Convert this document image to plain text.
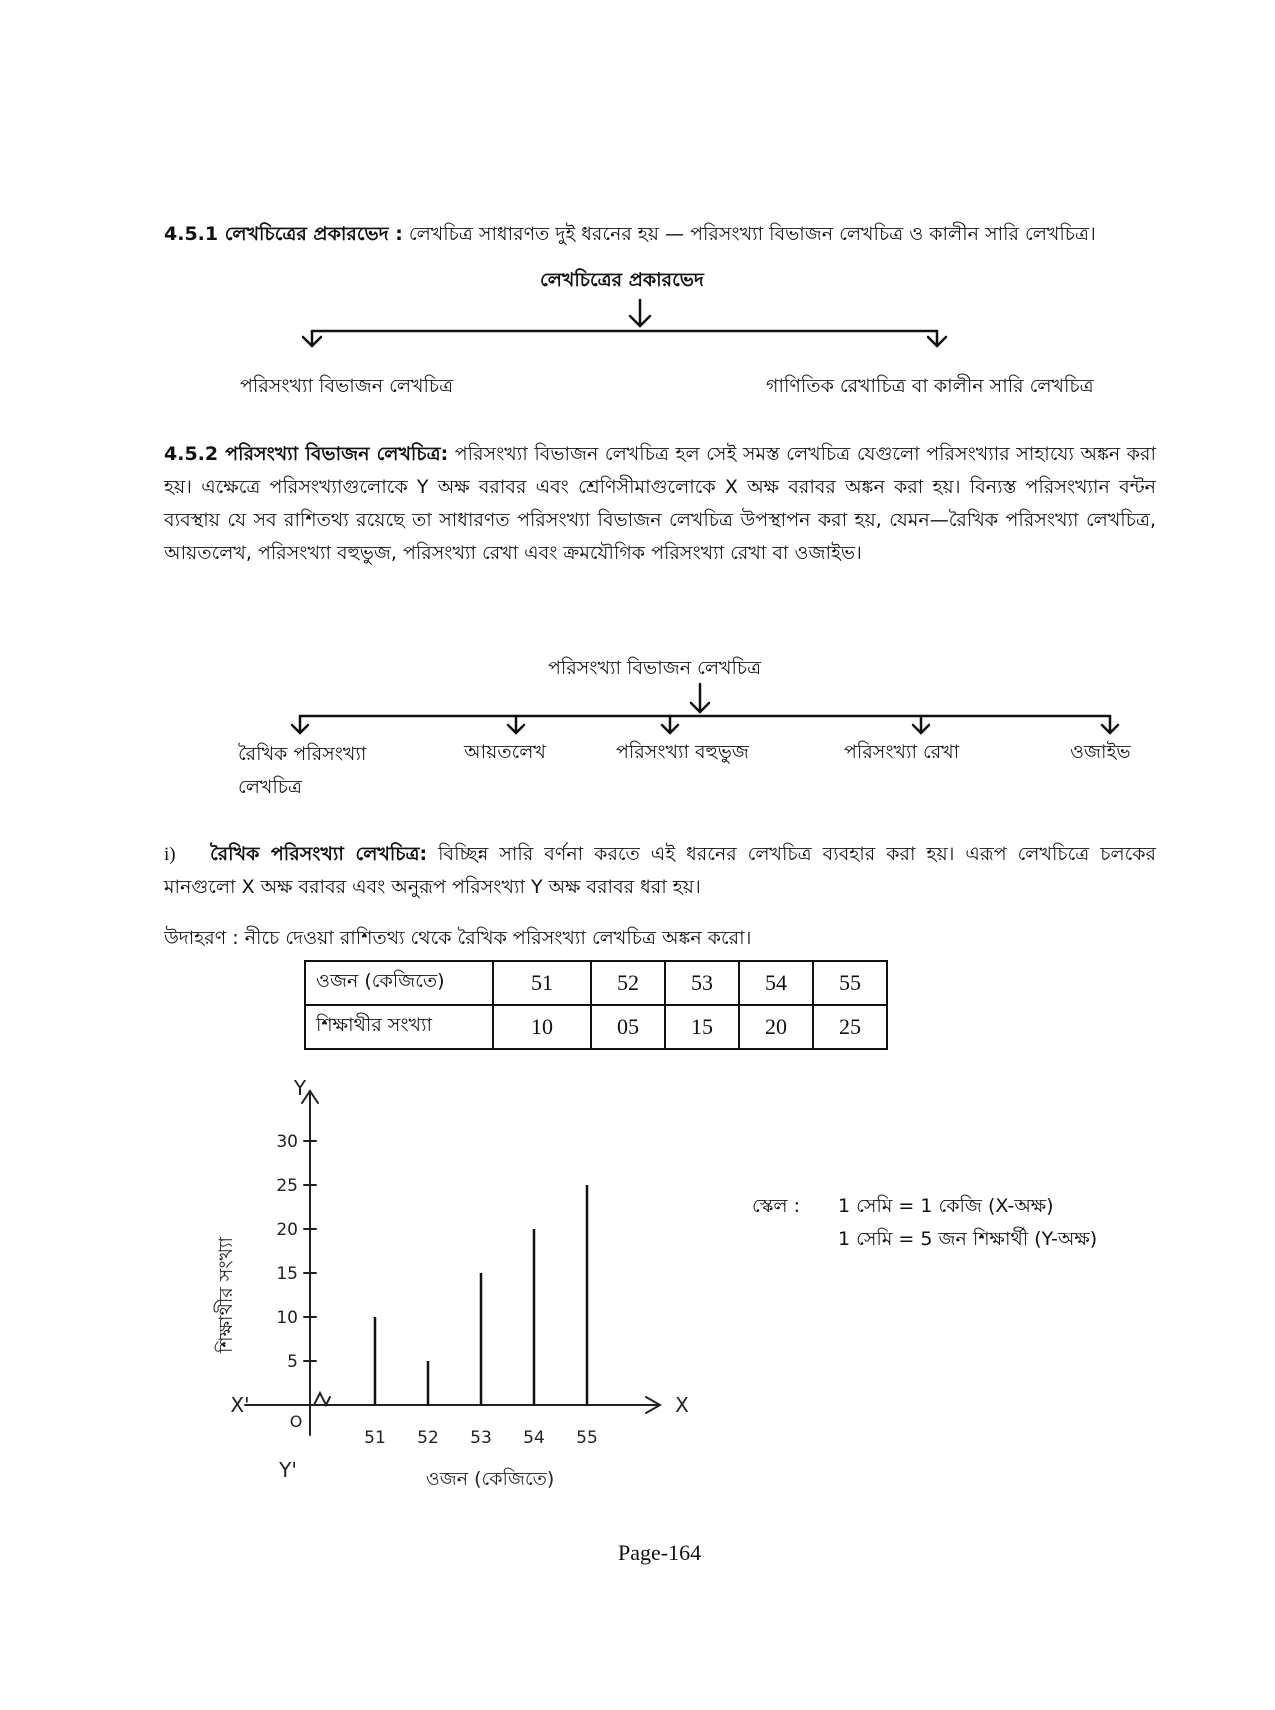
4.5.1 লেখচিত্রের প্রকারভেদ : লেখচিত্র সাধারণত দুই ধরনের হয় — পরিসংখ্যা বিভাজন লেখচিত্র ও কালীন সারি লেখচিত্র।
লেখচিত্রের প্রকারভেদ
পরিসংখ্যা বিভাজন লেখচিত্র	গাণিতিক রেখাচিত্র বা কালীন সারি লেখচিত্র
4.5.2 পরিসংখ্যা বিভাজন লেখচিত্র: পরিসংখ্যা বিভাজন লেখচিত্র হল সেই সমস্ত লেখচিত্র যেগুলো পরিসংখ্যার সাহায্যে অঙ্কন করা হয়। এক্ষেত্রে পরিসংখ্যাগুলোকে Y অক্ষ বরাবর এবং শ্রেণিসীমাগুলোকে X অক্ষ বরাবর অঙ্কন করা হয়। বিন্যস্ত পরিসংখ্যান বন্টন ব্যবস্থায় যে সব রাশিতথ্য রয়েছে তা সাধারণত পরিসংখ্যা বিভাজন লেখচিত্র উপস্থাপন করা হয়, যেমন—রৈখিক পরিসংখ্যা লেখচিত্র, আয়তলেখ, পরিসংখ্যা বহুভুজ, পরিসংখ্যা রেখা এবং ক্রমযৌগিক পরিসংখ্যা রেখা বা ওজাইভ।
পরিসংখ্যা বিভাজন লেখচিত্র
রৈখিক পরিসংখ্যা
লেখচিত্র
আয়তলেখ	পরিসংখ্যা বহুভুজ	পরিসংখ্যা রেখা	ওজাইভ
i) রৈখিক পরিসংখ্যা লেখচিত্র: বিচ্ছিন্ন সারি বর্ণনা করতে এই ধরনের লেখচিত্র ব্যবহার করা হয়। এরূপ লেখচিত্রে চলকের মানগুলো X অক্ষ বরাবর এবং অনুরূপ পরিসংখ্যা Y অক্ষ বরাবর ধরা হয়।
উদাহরণ : নীচে দেওয়া রাশিতথ্য থেকে রৈখিক পরিসংখ্যা লেখচিত্র অঙ্কন করো।
ওজন (কেজিতে)	51	52	53	54	55
শিক্ষাথীর সংখ্যা	10	05	15	20	25
5
10
15
20
25
30
51 52 53 54 55
Y
X
X'
Y'
O
ওজন (কেজিতে)
শিক্ষাথীর সংখ্যা
স্কেল : 1 সেমি = 1 কেজি (X-অক্ষ)
1 সেমি = 5 জন শিক্ষার্থী (Y-অক্ষ)
Page-164
